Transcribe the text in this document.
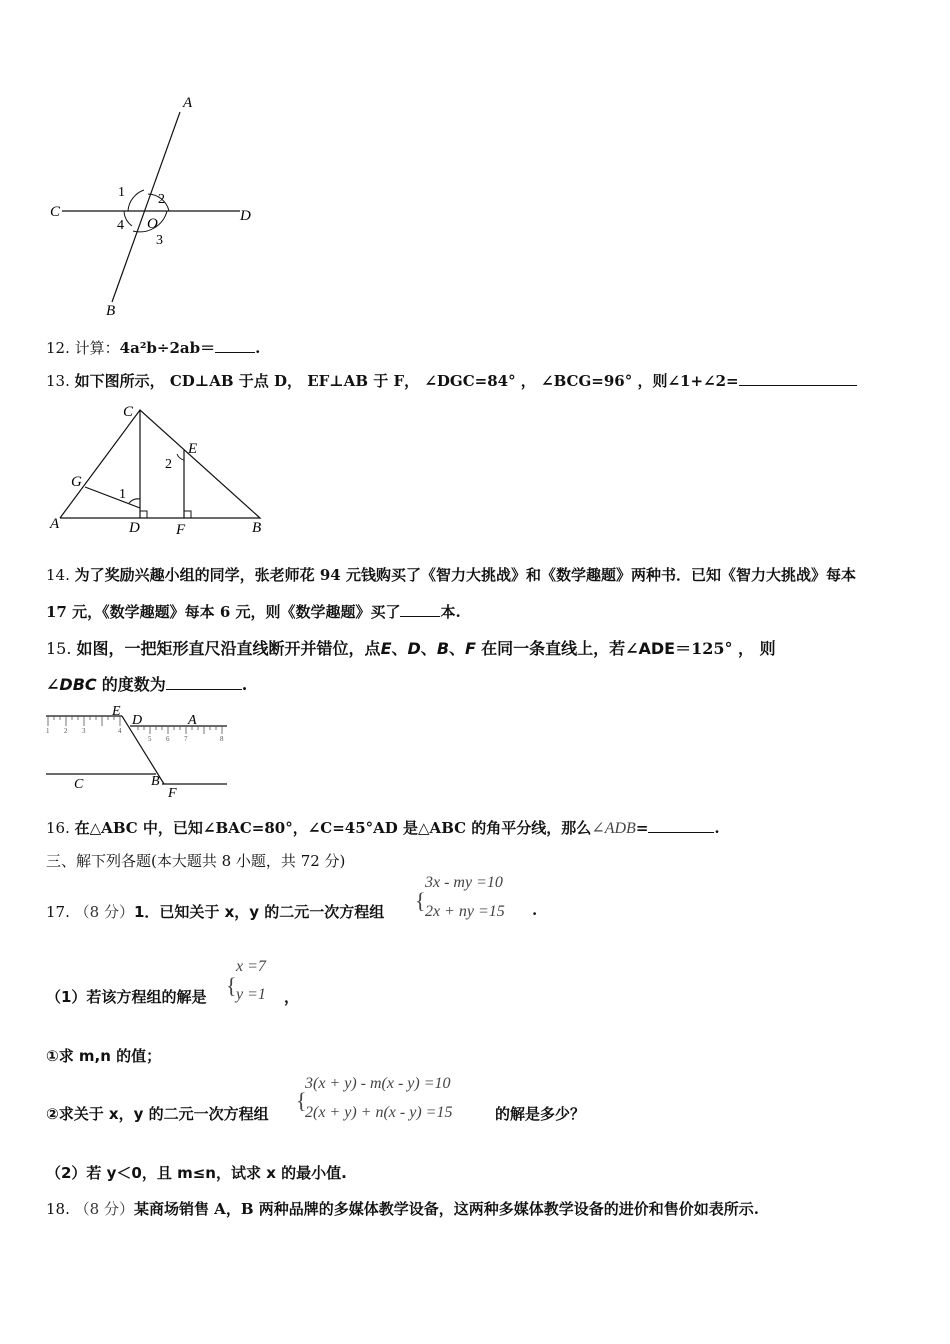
A
B
C	D
O
1 2
3
4
12. 计算：4a²b÷2ab＝	.
13. 如下图所示， CD⊥AB 于点 D， EF⊥AB 于 F， ∠DGC=84° ， ∠BCG=96° ，则∠1+∠2=
C
E
G
A	D F	B
1
2
14. 为了奖励兴趣小组的同学，张老师花 94 元钱购买了《智力大挑战》和《数学趣题》两种书．已知《智力大挑战》每本
17 元，《数学趣题》每本 6 元，则《数学趣题》买了	本.
15. 如图，一把矩形直尺沿直线断开并错位，点E、D、B、F 在同一条直线上，若∠ADE＝125° ， 则
∠DBC 的度数为	.
1 2 3	4
5 6 7	8
E
D	A
C	B
F
16. 在△ABC 中，已知∠BAC=80°，∠C=45°AD 是△ABC 的角平分线，那么∠ADB=	.
三、解下列各题(本大题共 8 小题，共 72 分)
17. （8 分）1．已知关于 x，y 的二元一次方程组 {
3x - my =10
2x + ny =15 .
（1）若该方程组的解是 {
x =7
y =1 ，
①求 m,n 的值；
②求关于 x，y 的二元一次方程组
{
3(x + y) - m(x - y) =10
2(x + y) + n(x - y) =15	的解是多少？
（2）若 y＜0，且 m≤n，试求 x 的最小值.
18. （8 分）某商场销售 A，B 两种品牌的多媒体教学设备，这两种多媒体教学设备的进价和售价如表所示.
